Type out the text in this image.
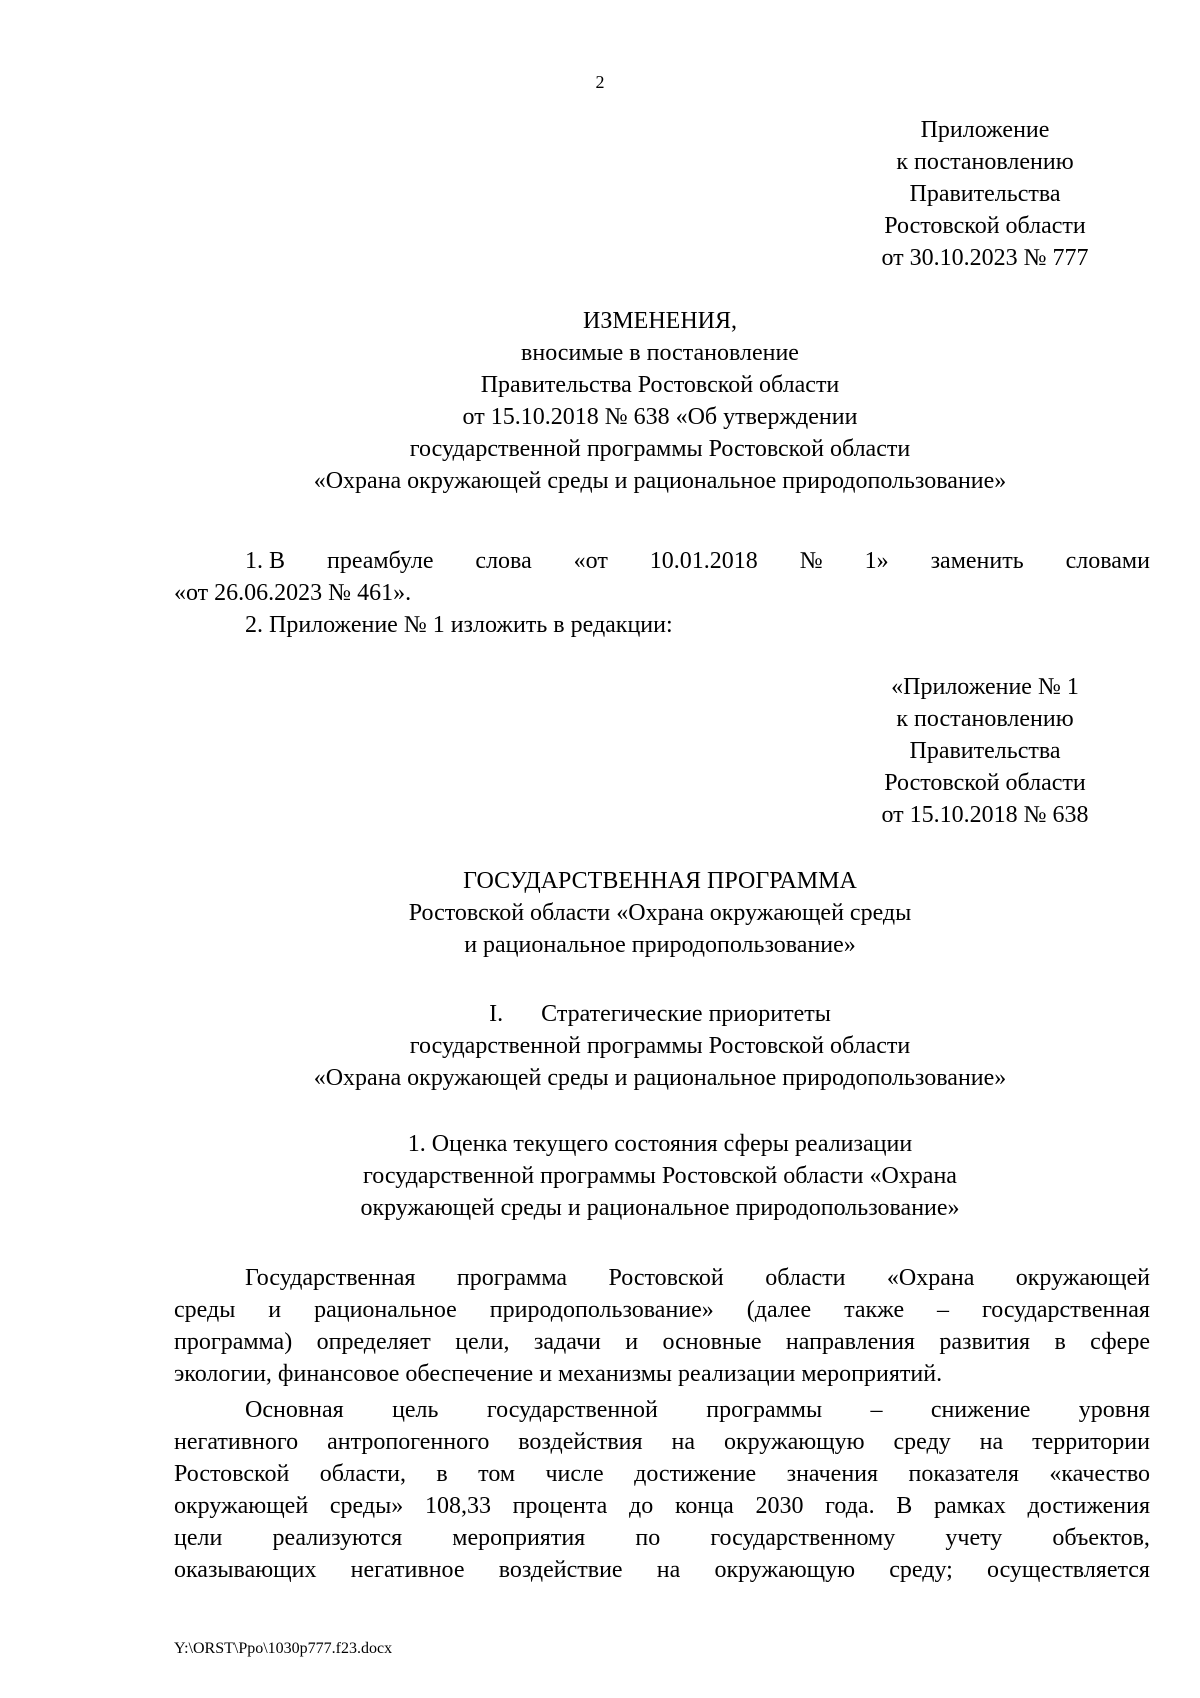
2
Приложение
к постановлению
Правительства
Ростовской области
от 30.10.2023 № 777
ИЗМЕНЕНИЯ,
вносимые в постановление
Правительства Ростовской области
от 15.10.2018 № 638 «Об утверждении
государственной программы Ростовской области
«Охрана окружающей среды и рациональное природопользование»
1. В преамбуле слова «от 10.01.2018 № 1» заменить словами
«от 26.06.2023 № 461».
2. Приложение № 1 изложить в редакции:
«Приложение № 1
к постановлению
Правительства
Ростовской области
от 15.10.2018 № 638
ГОСУДАРСТВЕННАЯ ПРОГРАММА
Ростовской области «Охрана окружающей среды
и рациональное природопользование»
I. Стратегические приоритеты
государственной программы Ростовской области
«Охрана окружающей среды и рациональное природопользование»
1. Оценка текущего состояния сферы реализации
государственной программы Ростовской области «Охрана
окружающей среды и рациональное природопользование»
Государственная программа Ростовской области «Охрана окружающей
среды и рациональное природопользование» (далее также – государственная
программа) определяет цели, задачи и основные направления развития в сфере
экологии, финансовое обеспечение и механизмы реализации мероприятий.
Основная цель государственной программы – снижение уровня
негативного антропогенного воздействия на окружающую среду на территории
Ростовской области, в том числе достижение значения показателя «качество
окружающей среды» 108,33 процента до конца 2030 года. В рамках достижения
цели реализуются мероприятия по государственному учету объектов,
оказывающих негативное воздействие на окружающую среду; осуществляется
Y:\ORST\Ppo\1030p777.f23.docx
